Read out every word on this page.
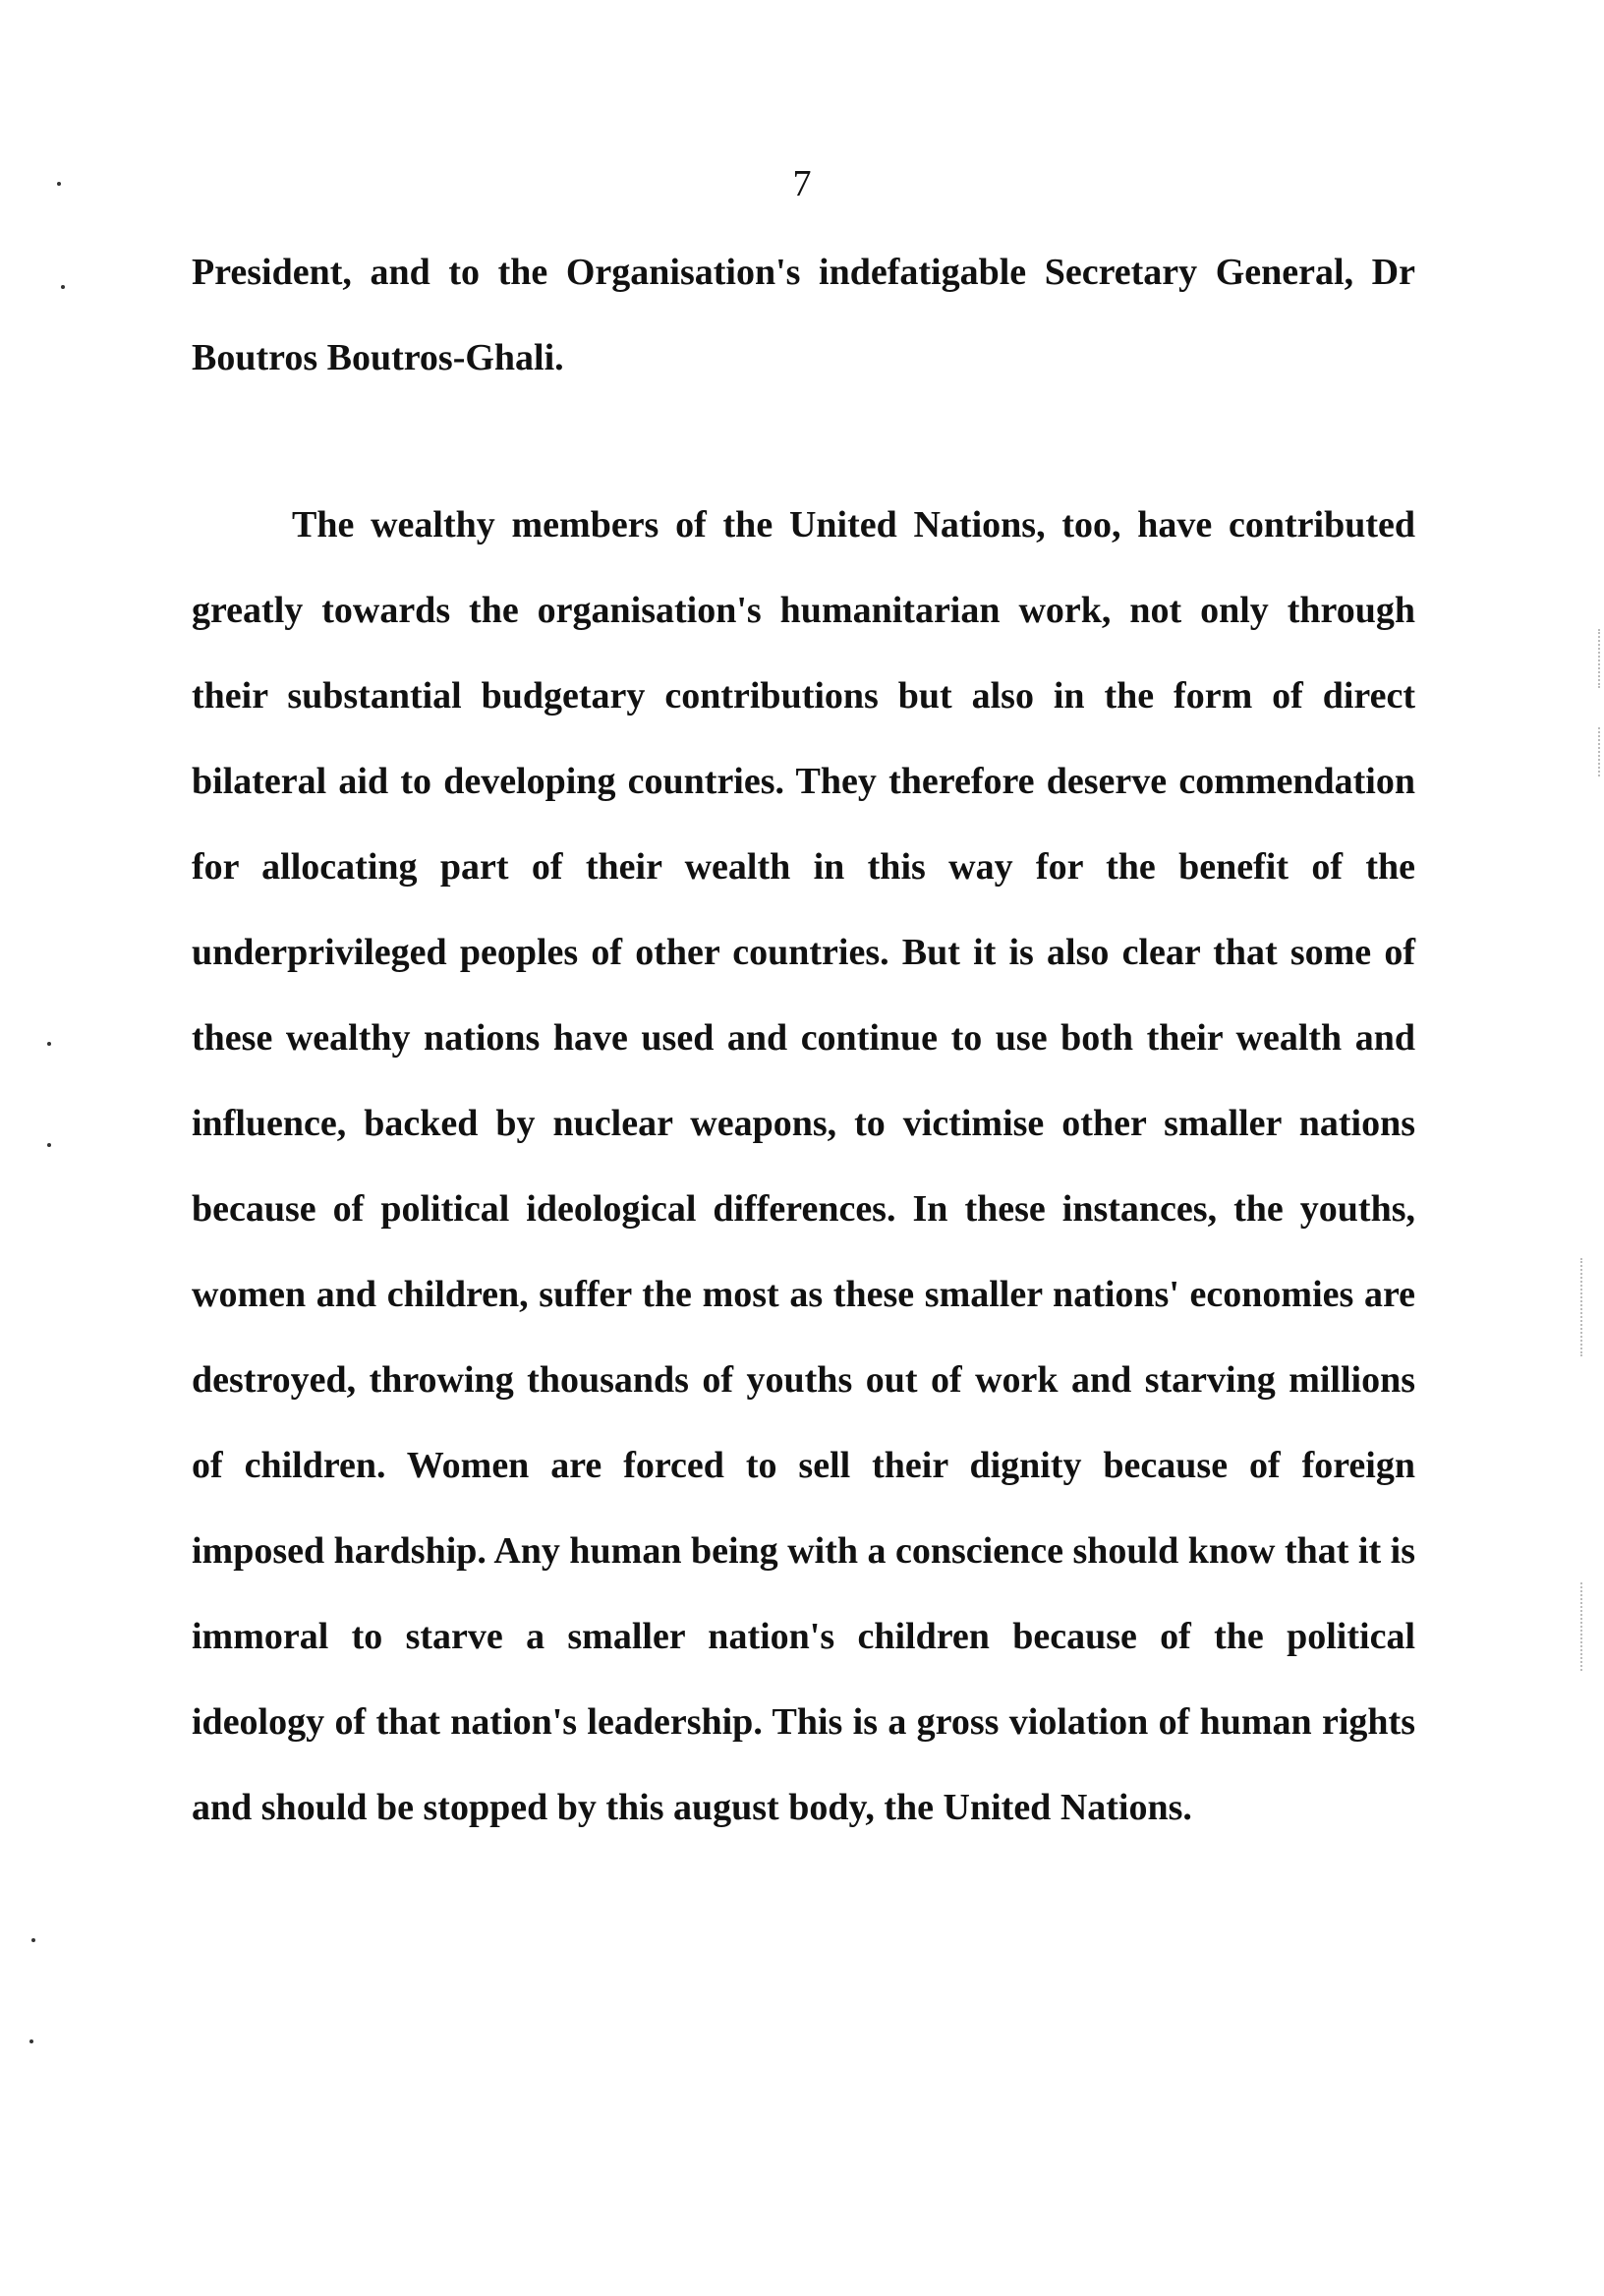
7

President, and to the Organisation's indefatigable Secretary General, Dr Boutros Boutros-Ghali.

The wealthy members of the United Nations, too, have contributed greatly towards the organisation's humanitarian work, not only through their substantial budgetary contributions but also in the form of direct bilateral aid to developing countries. They therefore deserve commendation for allocating part of their wealth in this way for the benefit of the underprivileged peoples of other countries. But it is also clear that some of these wealthy nations have used and continue to use both their wealth and influence, backed by nuclear weapons, to victimise other smaller nations because of political ideological differences. In these instances, the youths, women and children, suffer the most as these smaller nations' economies are destroyed, throwing thousands of youths out of work and starving millions of children. Women are forced to sell their dignity because of foreign imposed hardship. Any human being with a conscience should know that it is immoral to starve a smaller nation's children because of the political ideology of that nation's leadership. This is a gross violation of human rights and should be stopped by this august body, the United Nations.
